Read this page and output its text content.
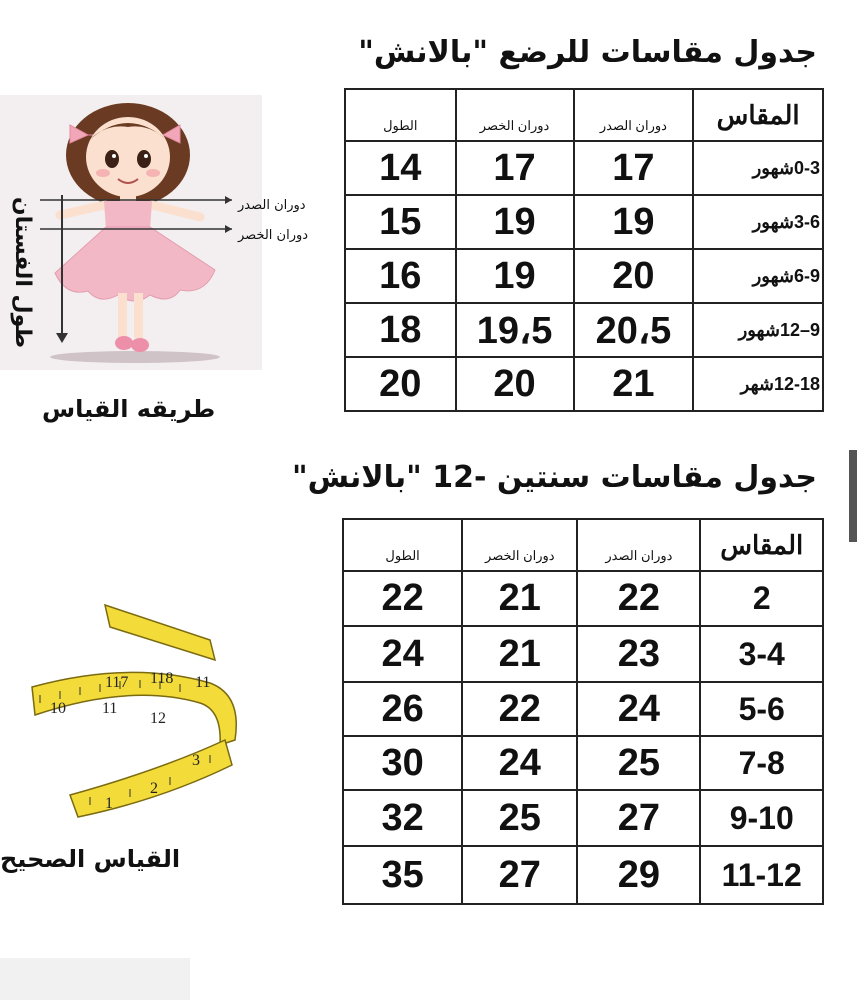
جدول مقاسات للرضع "بالانش"
جدول مقاسات سنتين -12 "بالانش"
المقاس	دوران الصدر	دوران الخصر	الطول
0-3شهور	17	17	14
3-6شهور	19	19	15
6-9شهور	20	19	16
9–12شهور	20،5	19،5	18
12-18شهر	21	20	20
المقاس	دوران الصدر	دوران الخصر	الطول
2	22	21	22
3-4	23	21	24
5-6	24	22	26
7-8	25	24	30
9-10	27	25	32
11-12	29	27	35
دوران الصدر
دوران الخصر
طول الفستان
طريقه القياس
10 11
12
1
2
3
117 118 11
القياس الصحيح
